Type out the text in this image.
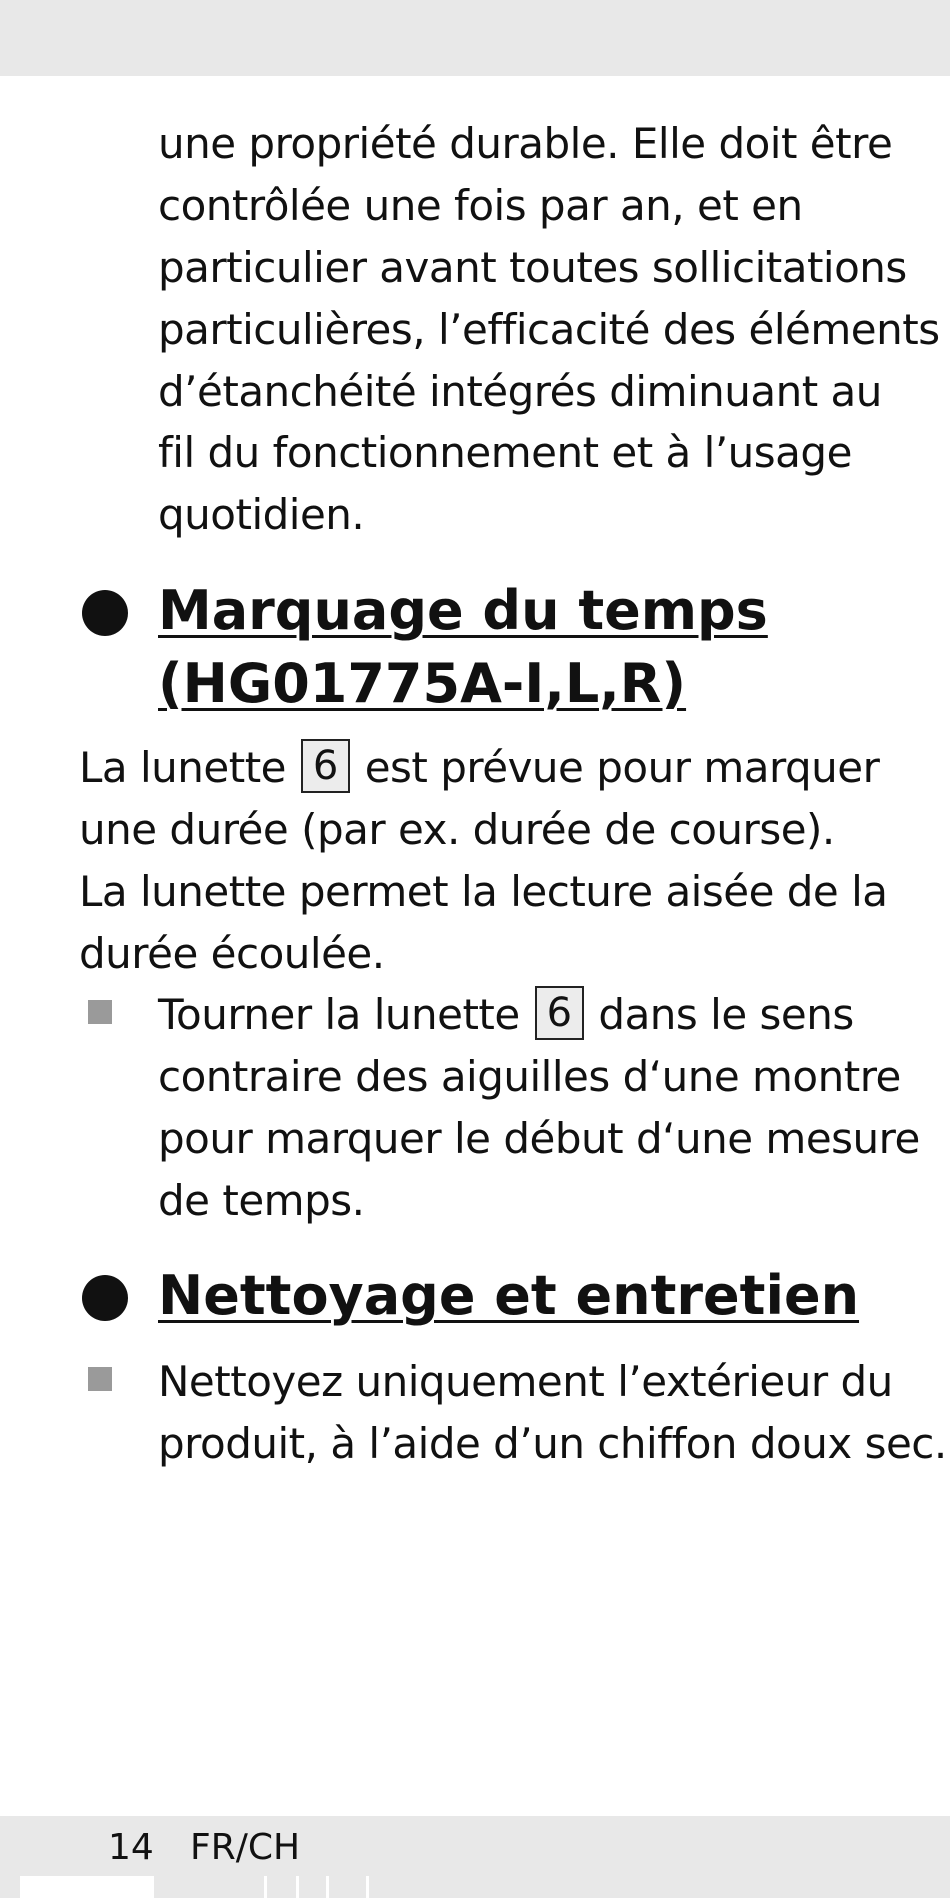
une propriété durable. Elle doit être
contrôlée une fois par an, et en
particulier avant toutes sollicitations
particulières, l’efficacité des éléments
d’étanchéité intégrés diminuant au
fil du fonctionnement et à l’usage
quotidien.
Marquage du temps
(HG01775A-I,L,R)
La lunette 6 est prévue pour marquer
une durée (par ex. durée de course).
La lunette permet la lecture aisée de la
durée écoulée.
Tourner la lunette 6 dans le sens
contraire des aiguilles d‘une montre
pour marquer le début d‘une mesure
de temps.
Nettoyage et entretien
Nettoyez uniquement l’extérieur du
produit, à l’aide d’un chiffon doux sec.
14 FR/CH
